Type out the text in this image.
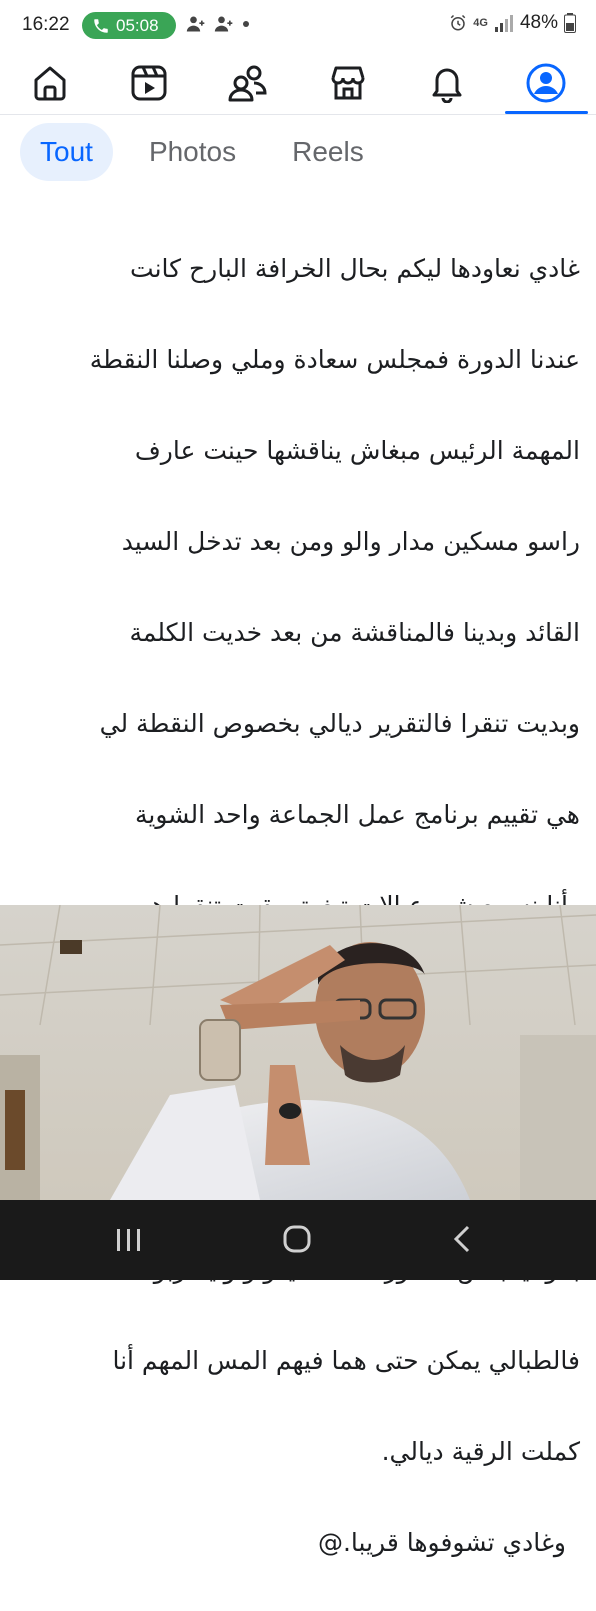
16:22	05:08	4G 48%
Tout	Photos	Reels

غادي نعاودها ليكم بحال الخرافة البارح كانت

عندنا الدورة فمجلس سعادة وملي وصلنا النقطة

المهمة الرئيس مبغاش يناقشها حينت عارف

راسو مسكين مدار والو ومن بعد تدخل السيد

القائد وبدينا فالمناقشة من بعد خديت الكلمة

وبديت تنقرا فالتقرير ديالي بخصوص النقطة لي

هي تقييم برنامج عمل الجماعة واحد الشوية

فالطبالي يمكن حتى هما فيهم المس المهم أنا

كملت الرقية ديالي.

وغادي تشوفوها قريبا.@
